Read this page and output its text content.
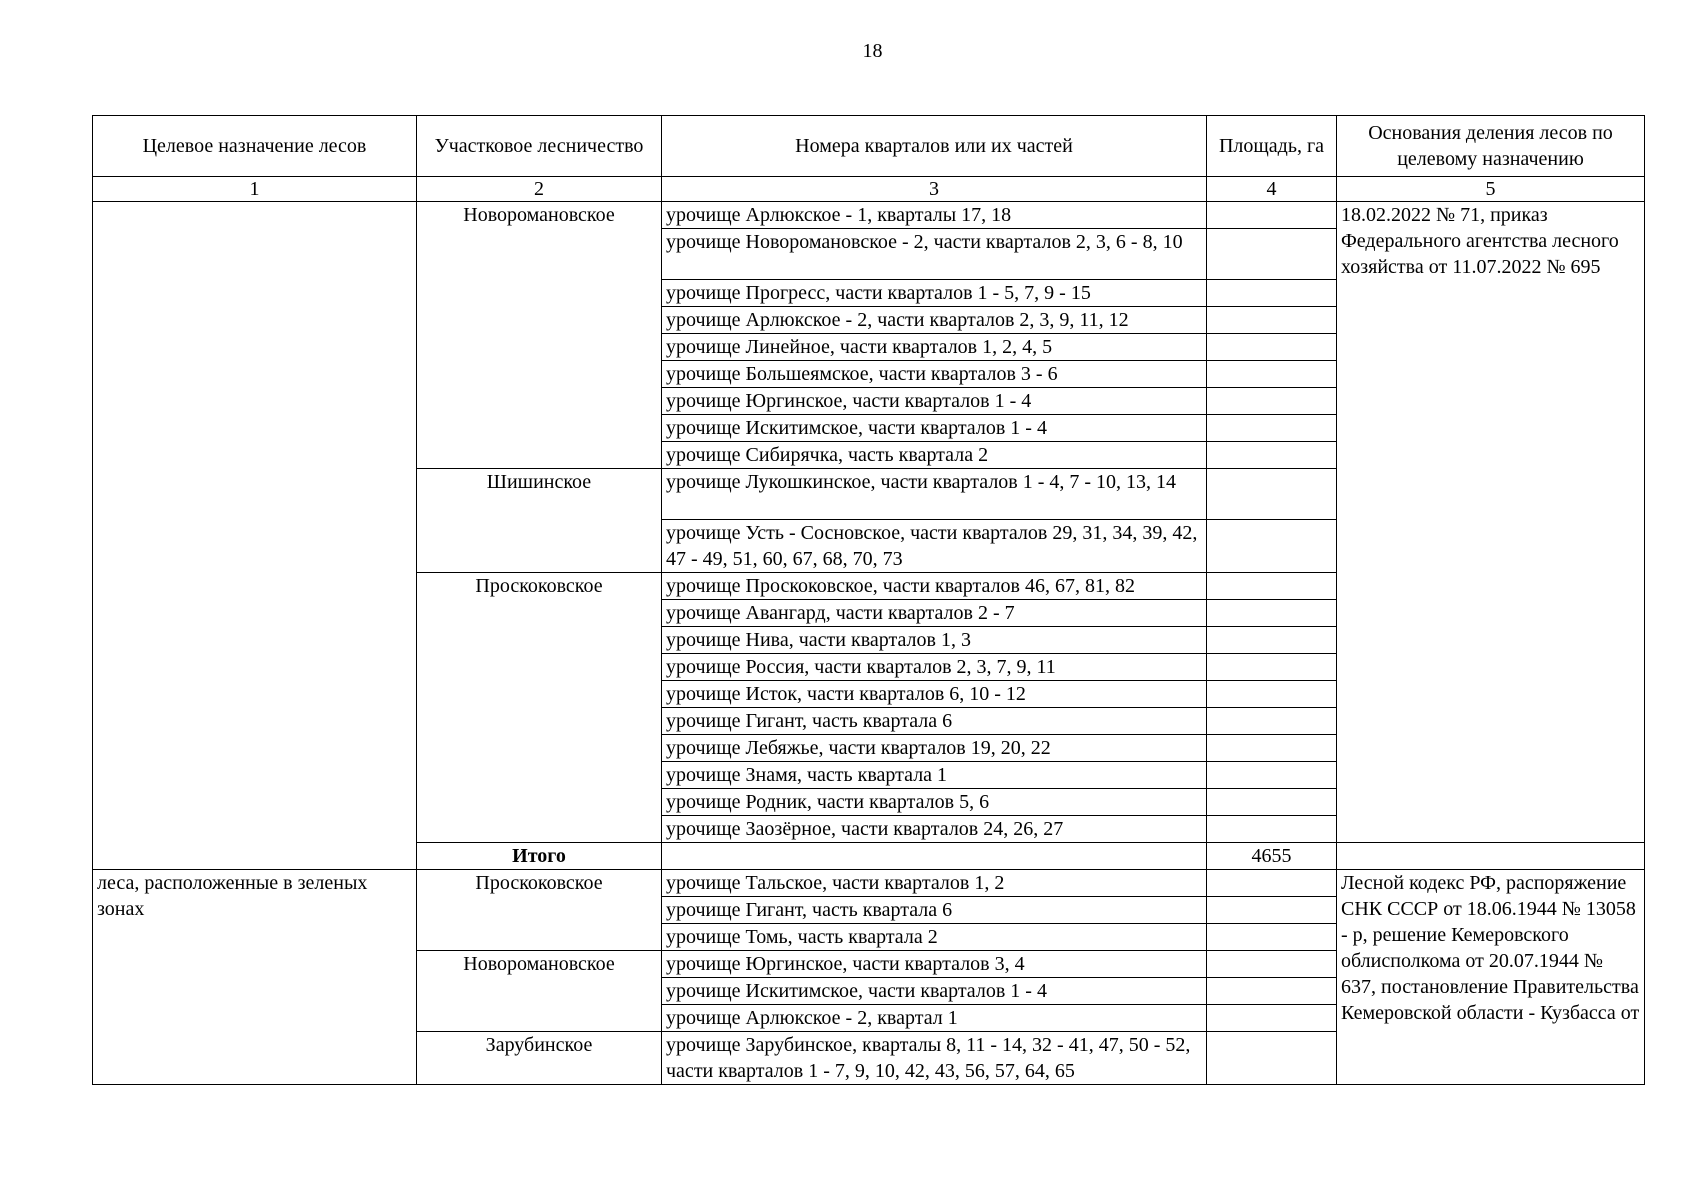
18
Целевое назначение лесов	Участковое лесничество	Номера кварталов или их частей	Площадь, га	Основания деления лесов по целевому назначению
1	2	3	4	5
	Новоромановское	урочище Арлюкское - 1, кварталы 17, 18		18.02.2022 № 71, приказ Федерального агентства лесного хозяйства от 11.07.2022 № 695
		урочище Новоромановское - 2, части кварталов 2, 3, 6 - 8, 10		
		урочище Прогресс, части кварталов 1 - 5, 7, 9 - 15		
		урочище Арлюкское - 2, части кварталов 2, 3, 9, 11, 12		
		урочище Линейное, части кварталов 1, 2, 4, 5		
		урочище Большеямское, части кварталов 3 - 6		
		урочище Юргинское, части кварталов 1 - 4		
		урочище Искитимское, части кварталов 1 - 4		
		урочище Сибирячка, часть квартала 2		
	Шишинское	урочище Лукошкинское, части кварталов 1 - 4, 7 - 10, 13, 14		
		урочище Усть - Сосновское, части кварталов 29, 31, 34, 39, 42, 47 - 49, 51, 60, 67, 68, 70, 73		
	Проскоковское	урочище Проскоковское, части кварталов 46, 67, 81, 82		
		урочище Авангард, части кварталов 2 - 7		
		урочище Нива, части кварталов 1, 3		
		урочище Россия, части кварталов 2, 3, 7, 9, 11		
		урочище Исток, части кварталов 6, 10 - 12		
		урочище Гигант, часть квартала 6		
		урочище Лебяжье, части кварталов 19, 20, 22		
		урочище Знамя, часть квартала 1		
		урочище Родник, части кварталов 5, 6		
		урочище Заозёрное, части кварталов 24, 26, 27		
	Итого		4655	
леса, расположенные в зеленых зонах	Проскоковское	урочище Тальское, части кварталов 1, 2		Лесной кодекс РФ, распоряжение СНК СССР от 18.06.1944 № 13058 - р, решение Кемеровского облисполкома от 20.07.1944 № 637, постановление Правительства Кемеровской области - Кузбасса от
		урочище Гигант, часть квартала 6		
		урочище Томь, часть квартала 2		
	Новоромановское	урочище Юргинское, части кварталов 3, 4		
		урочище Искитимское, части кварталов 1 - 4		
		урочище Арлюкское - 2, квартал 1		
	Зарубинское	урочище Зарубинское, кварталы 8, 11 - 14, 32 - 41, 47, 50 - 52, части кварталов 1 - 7, 9, 10, 42, 43, 56, 57, 64, 65		
